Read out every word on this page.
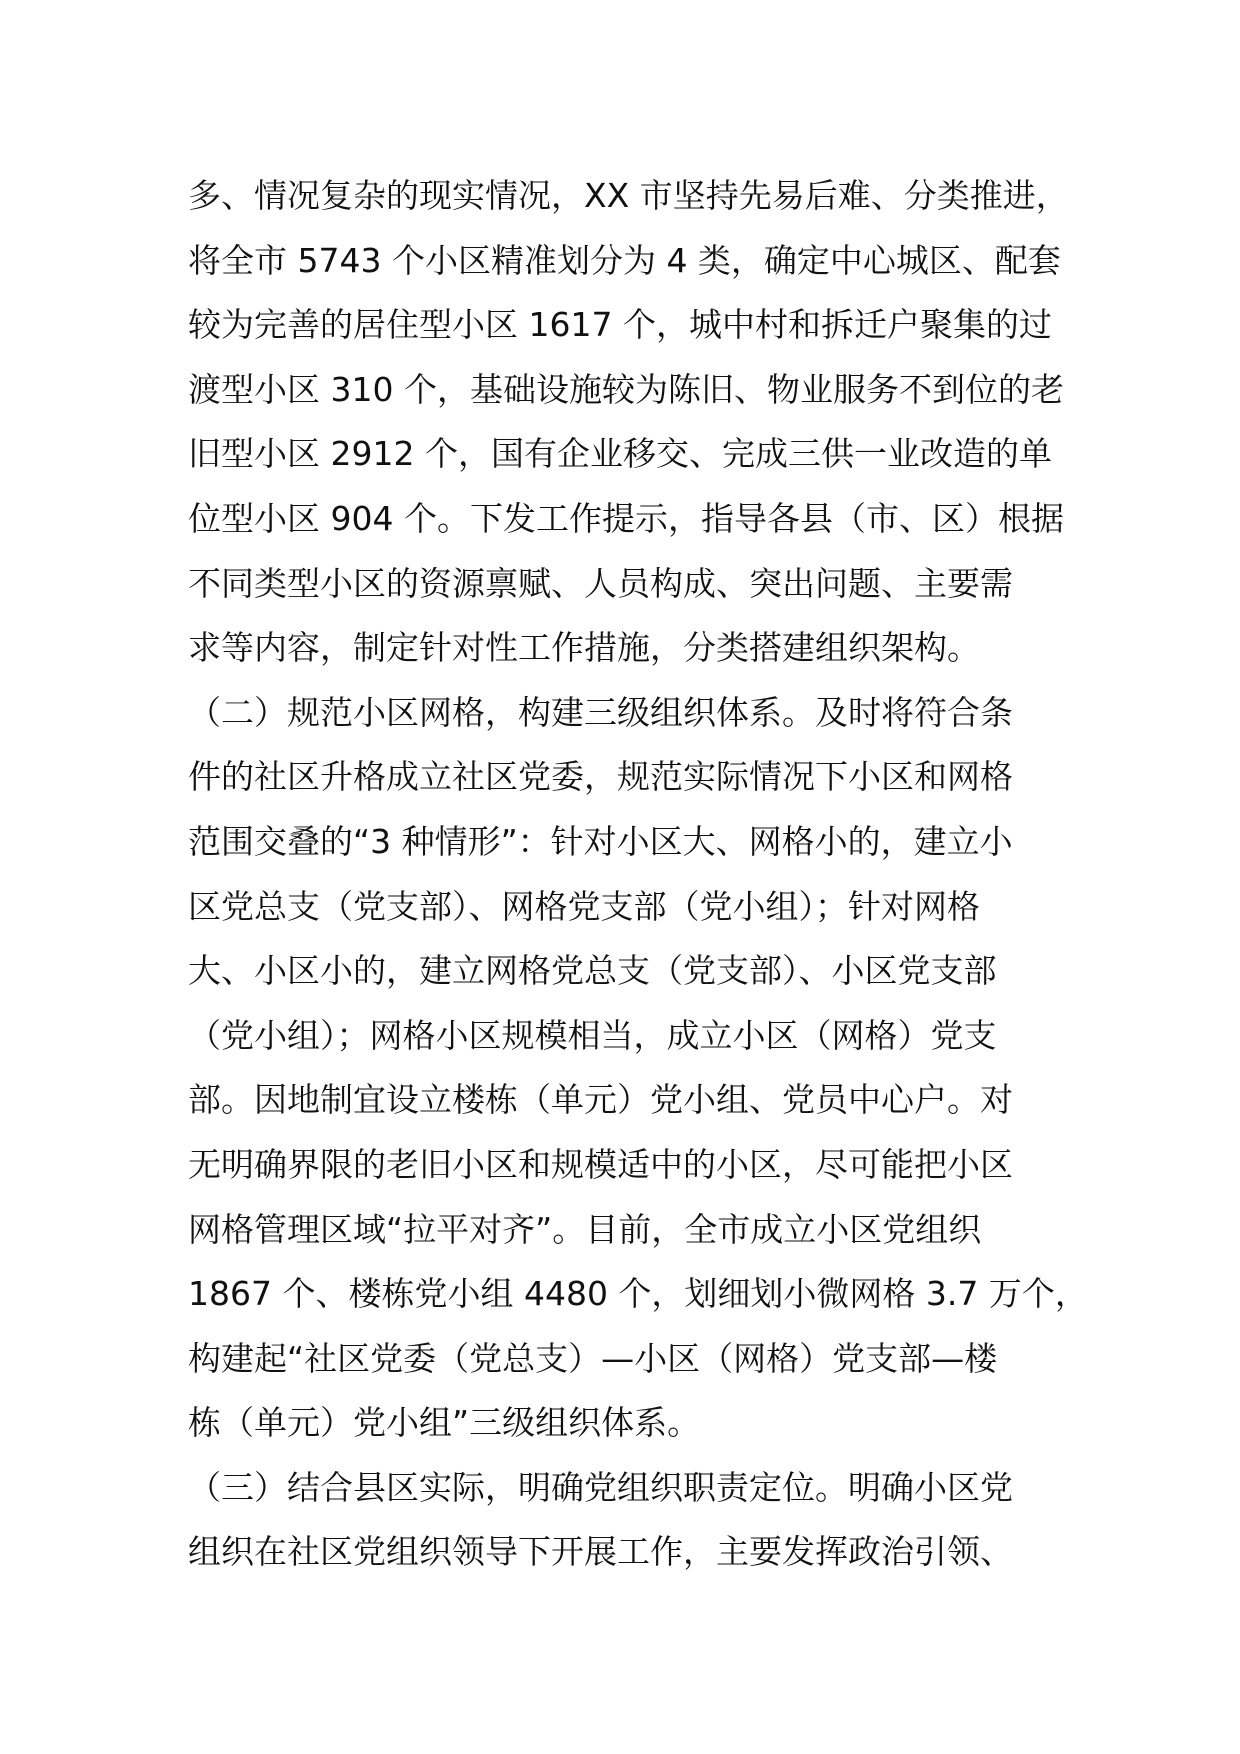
多、情况复杂的现实情况，XX 市坚持先易后难、分类推进，
将全市 5743 个小区精准划分为 4 类，确定中心城区、配套
较为完善的居住型小区 1617 个，城中村和拆迁户聚集的过
渡型小区 310 个，基础设施较为陈旧、物业服务不到位的老
旧型小区 2912 个，国有企业移交、完成三供一业改造的单
位型小区 904 个。下发工作提示，指导各县（市、区）根据
不同类型小区的资源禀赋、人员构成、突出问题、主要需
求等内容，制定针对性工作措施，分类搭建组织架构。
（二）规范小区网格，构建三级组织体系。及时将符合条
件的社区升格成立社区党委，规范实际情况下小区和网格
范围交叠的“3 种情形”：针对小区大、网格小的，建立小
区党总支（党支部）、网格党支部（党小组）；针对网格
大、小区小的，建立网格党总支（党支部）、小区党支部
（党小组）；网格小区规模相当，成立小区（网格）党支
部。因地制宜设立楼栋（单元）党小组、党员中心户。对
无明确界限的老旧小区和规模适中的小区，尽可能把小区
网格管理区域“拉平对齐”。目前，全市成立小区党组织
1867 个、楼栋党小组 4480 个，划细划小微网格 3.7 万个，
构建起“社区党委（党总支）—小区（网格）党支部—楼
栋（单元）党小组”三级组织体系。
（三）结合县区实际，明确党组织职责定位。明确小区党
组织在社区党组织领导下开展工作，主要发挥政治引领、
